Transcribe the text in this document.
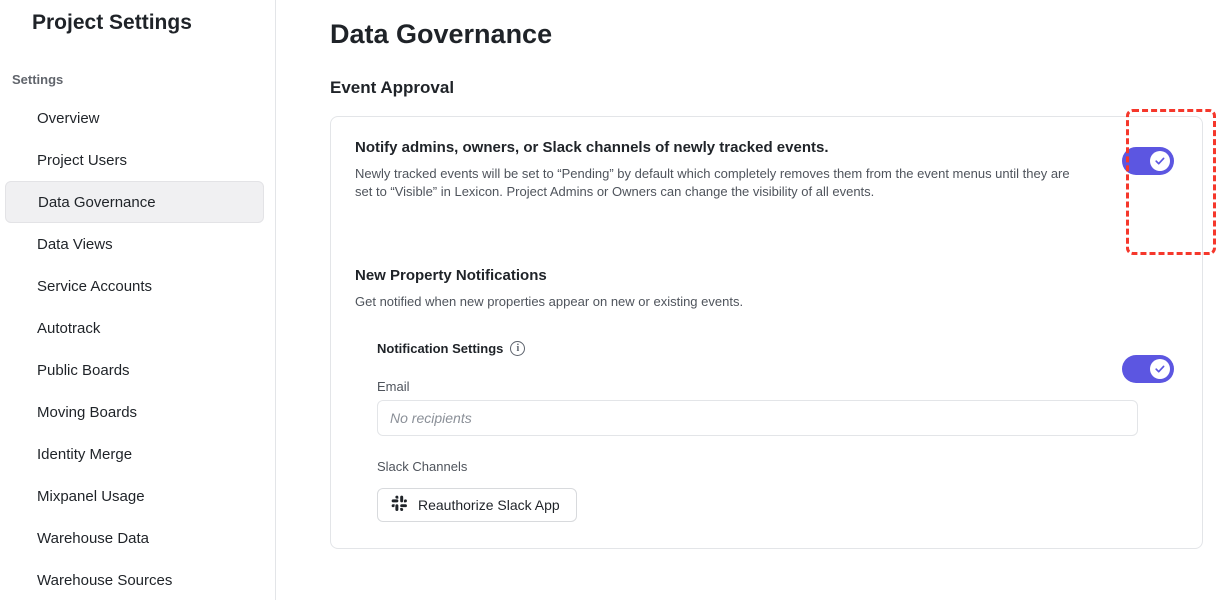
Project Settings
Settings
Overview
Project Users
Data Governance
Data Views
Service Accounts
Autotrack
Public Boards
Moving Boards
Identity Merge
Mixpanel Usage
Warehouse Data
Warehouse Sources
Data Governance
Event Approval
Notify admins, owners, or Slack channels of newly tracked events.

Newly tracked events will be set to “Pending” by default which completely removes them from the event menus until they are set to “Visible” in Lexicon. Project Admins or Owners can change the visibility of all events.

New Property Notifications

Get notified when new properties appear on new or existing events.

Notification Settings	i
Email
No recipients
Slack Channels
Reauthorize Slack App
